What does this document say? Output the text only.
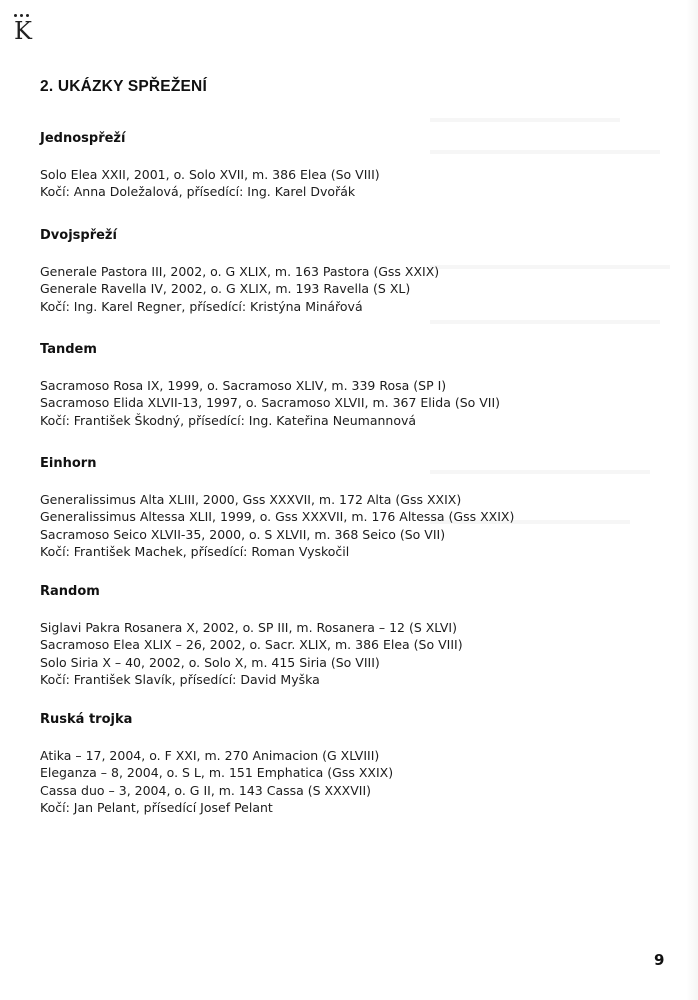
K
2. UKÁZKY SPŘEŽENÍ
Jednospřeží
Solo Elea XXII, 2001, o. Solo XVII, m. 386 Elea (So VIII)
Kočí: Anna Doležalová, přísedící: Ing. Karel Dvořák
Dvojspřeží
Generale Pastora III, 2002, o. G XLIX, m. 163 Pastora (Gss XXIX)
Generale Ravella IV, 2002, o. G XLIX, m. 193 Ravella (S XL)
Kočí: Ing. Karel Regner, přísedící: Kristýna Minářová
Tandem
Sacramoso Rosa IX, 1999, o. Sacramoso XLIV, m. 339 Rosa (SP I)
Sacramoso Elida XLVII-13, 1997, o. Sacramoso XLVII, m. 367 Elida (So VII)
Kočí: František Škodný, přísedící: Ing. Kateřina Neumannová
Einhorn
Generalissimus Alta XLIII, 2000, Gss XXXVII, m. 172 Alta (Gss XXIX)
Generalissimus Altessa XLII, 1999, o. Gss XXXVII, m. 176 Altessa (Gss XXIX)
Sacramoso Seico XLVII-35, 2000, o. S XLVII, m. 368 Seico (So VII)
Kočí: František Machek, přísedící: Roman Vyskočil
Random
Siglavi Pakra Rosanera X, 2002, o. SP III, m. Rosanera – 12 (S XLVI)
Sacramoso Elea XLIX – 26, 2002, o. Sacr. XLIX, m. 386 Elea (So VIII)
Solo Siria X – 40, 2002, o. Solo X, m. 415 Siria (So VIII)
Kočí: František Slavík, přísedící: David Myška
Ruská trojka
Atika – 17, 2004, o. F XXI, m. 270 Animacion (G XLVIII)
Eleganza – 8, 2004, o. S L, m. 151 Emphatica (Gss XXIX)
Cassa duo – 3, 2004, o. G II, m. 143 Cassa (S XXXVII)
Kočí: Jan Pelant, přísedící Josef Pelant
9
